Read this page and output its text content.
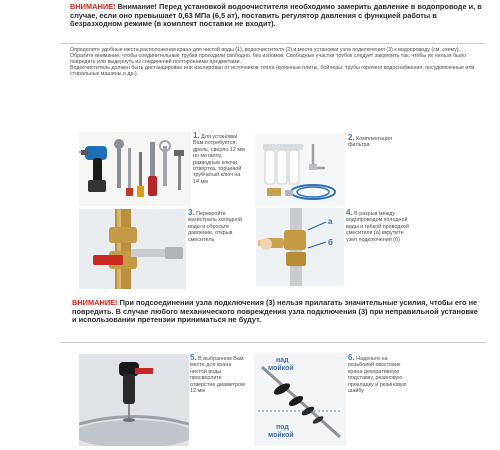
ВНИМАНИЕ! Внимание! Перед установкой водоочистителя необходимо замерить давление в водопроводе и, в случае, если оно превышает 0,63 МПа (6,5 ат), поставить регулятор давления с функцией работы в безразходном режиме (в комплект поставки не входит).
Определите удобные места расположения крана для чистой воды (1), водоочистителя (2) и места установки узла подключения (3) к водопроводу (см. схему). Обратите внимание, чтобы соединительные трубки проходили свободно, без изломов. Свободные участки трубок следует закрепить так, чтобы их нельзя было повредить или выдернуть из соединений посторонними предметами.
Водоочиститель должен быть дистанцирован или изолирован от источников тепла (кухонные плиты, бойлеры, трубы горячего водоснабжения, посудомоечные или стиральные машины и др.).
1. Для установки Вам потребуется: дрель, сверло 12 мм по металлу, разводные ключи, отвертка, торцевой трубчатый ключ на 14 мм
2. Комплектация фильтра
3. Перекройте магистраль холодной воды и сбросьте давление, открыв смеситель
а
б
4. В разрыв между водопроводом холодной воды и гибкой проводкой смесителя (а) вкрутите узел подключения (б)
ВНИМАНИЕ! При подсоединении узла подключения (3) нельзя прилагать значительные усилия, чтобы его не повредить. В случае любого механического повреждения узла подключения (3) при неправильной установке и использовании претензии приниматься не будут.
5. В выбранном Вам месте для крана чистой воды просверлите отверстие диаметром 12 мм
над
мойкой
под
мойкой
6. Наденьте на резьбовой хвостовик крана декоративную подставку, резиновую прокладку и резиновую шайбу
